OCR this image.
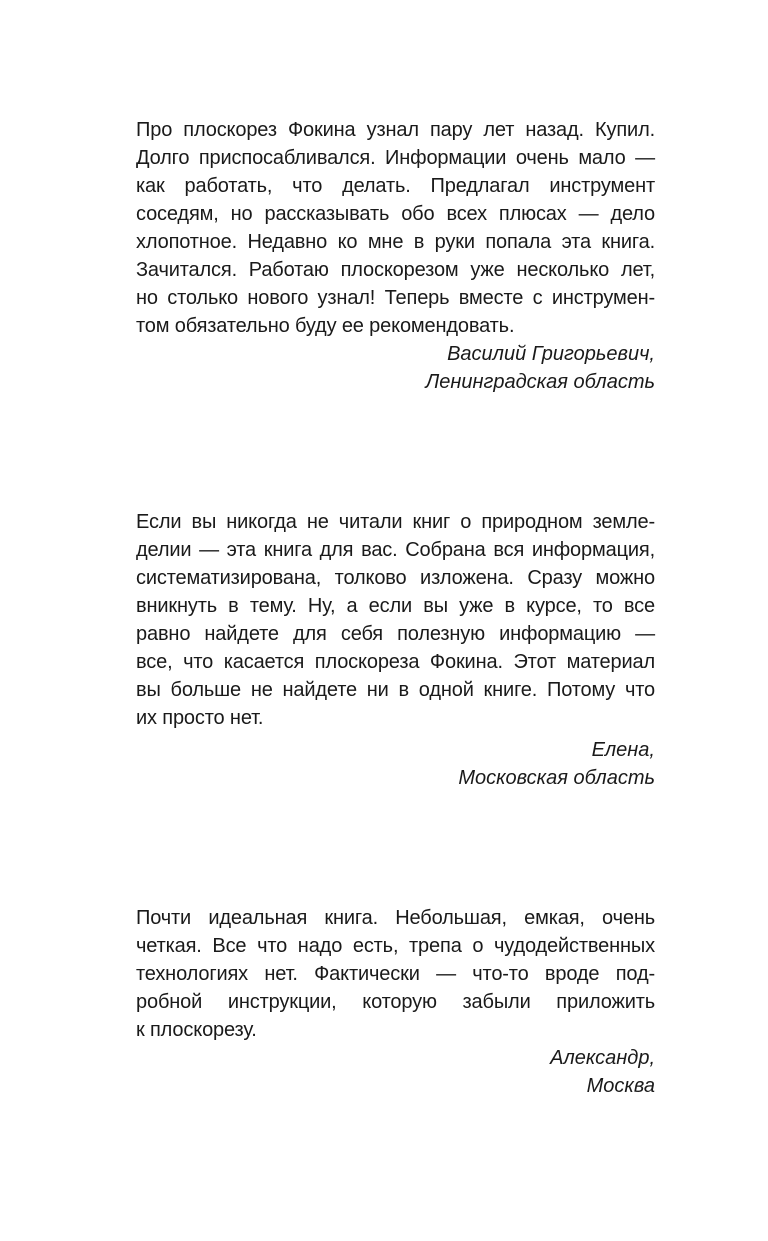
Про плоскорез Фокина узнал пару лет назад. Купил.
Долго приспосабливался. Информации очень мало —
как работать, что делать. Предлагал инструмент
соседям, но рассказывать обо всех плюсах — дело
хлопотное. Недавно ко мне в руки попала эта книга.
Зачитался. Работаю плоскорезом уже несколько лет,
но столько нового узнал! Теперь вместе с инструмен-
том обязательно буду ее рекомендовать.
Василий Григорьевич,
Ленинградская область
Если вы никогда не читали книг о природном земле-
делии — эта книга для вас. Собрана вся информация,
систематизирована, толково изложена. Сразу можно
вникнуть в тему. Ну, а если вы уже в курсе, то все
равно найдете для себя полезную информацию —
все, что касается плоскореза Фокина. Этот материал
вы больше не найдете ни в одной книге. Потому что
их просто нет.
Елена,
Московская область
Почти идеальная книга. Небольшая, емкая, очень
четкая. Все что надо есть, трепа о чудодейственных
технологиях нет. Фактически — что-то вроде под-
робной инструкции, которую забыли приложить
к плоскорезу.
Александр,
Москва
